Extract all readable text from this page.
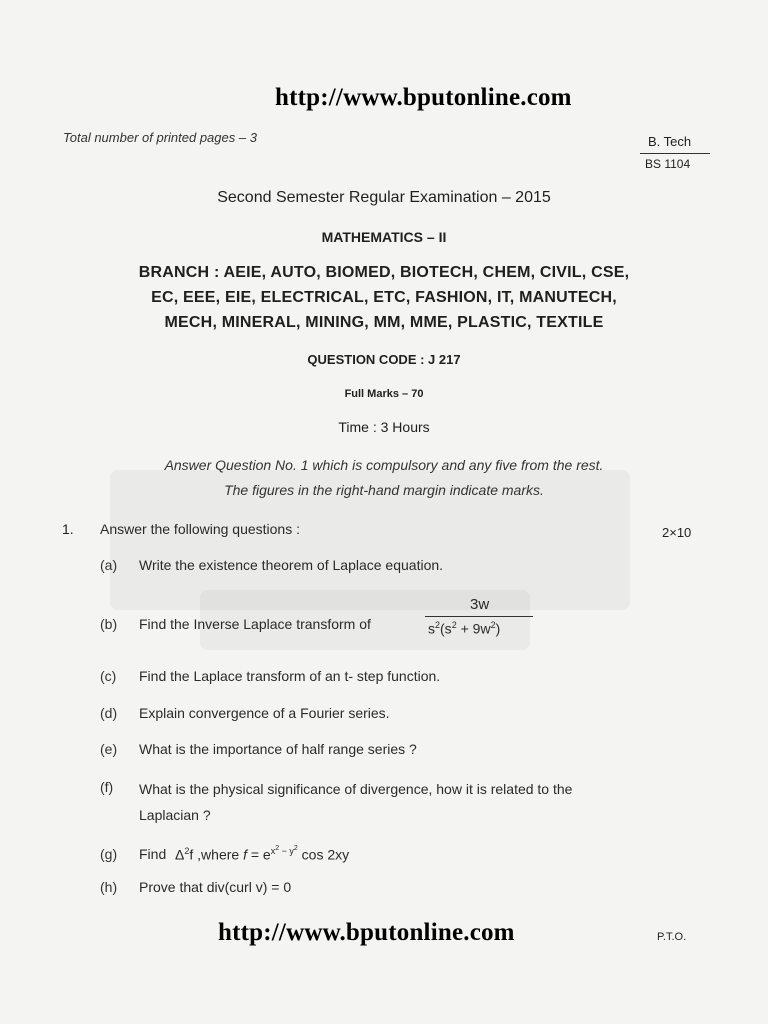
http://www.bputonline.com
Total number of printed pages – 3	B. Tech
BS 1104
Second Semester Regular Examination – 2015
MATHEMATICS – II
BRANCH : AEIE, AUTO, BIOMED, BIOTECH, CHEM, CIVIL, CSE,
EC, EEE, EIE, ELECTRICAL, ETC, FASHION, IT, MANUTECH,
MECH, MINERAL, MINING, MM, MME, PLASTIC, TEXTILE
QUESTION CODE : J 217
Full Marks – 70
Time : 3 Hours
Answer Question No. 1 which is compulsory and any five from the rest.
The figures in the right-hand margin indicate marks.
1. Answer the following questions :	2×10
(a) Write the existence theorem of Laplace equation.
(b) Find the Inverse Laplace transform of
3w
$s^2(s^2 + 9w^2)$
(c) Find the Laplace transform of an t- step function.
(d) Explain convergence of a Fourier series.
(e) What is the importance of half range series ?
(f) What is the physical significance of divergence, how it is related to the
Laplacian ?
(g) Find $\Delta^2f$ ,where $f = e^{x^2 - y^2}$ cos 2xy
(h) Prove that div(curl v) = 0
http://www.bputonline.com	P.T.O.
